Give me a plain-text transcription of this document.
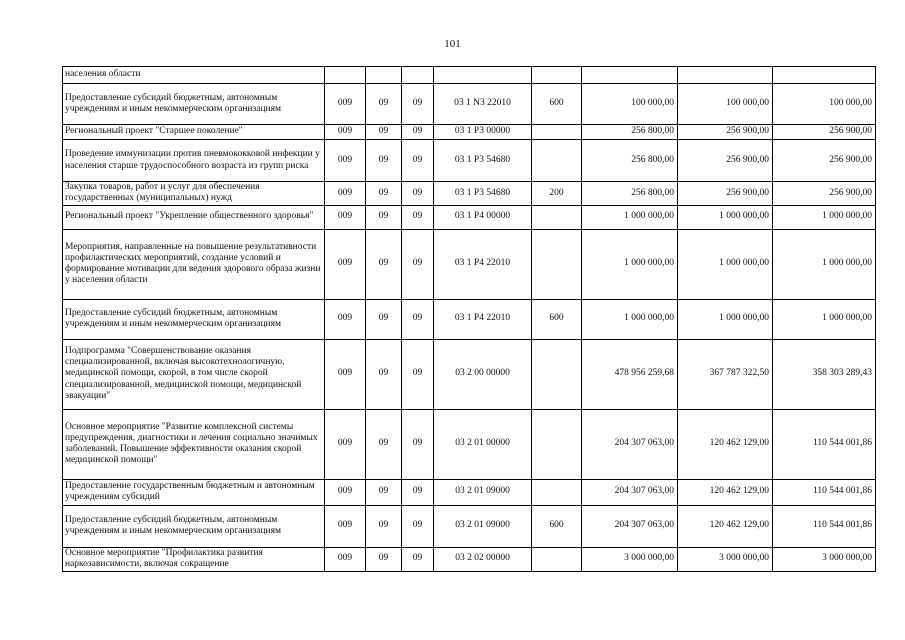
101
населения области								
Предоставление субсидий бюджетным, автономным учреждениям и иным некоммерческим организациям	009	09	09	03 1 N3 22010	600	100 000,00	100 000,00	100 000,00
Региональный проект "Старшее поколение"	009	09	09	03 1 P3 00000		256 800,00	256 900,00	256 900,00
Проведение иммунизации против пневмококковой инфекции у населения старше трудоспособного возраста из групп риска	009	09	09	03 1 P3 54680		256 800,00	256 900,00	256 900,00
Закупка товаров, работ и услуг для обеспечения государственных (муниципальных) нужд	009	09	09	03 1 P3 54680	200	256 800,00	256 900,00	256 900,00
Региональный проект "Укрепление общественного здоровья"	009	09	09	03 1 P4 00000		1 000 000,00	1 000 000,00	1 000 000,00
Мероприятия, направленные на повышение результативности профилактических мероприятий, создание условий и формирование мотивации для ведения здорового образа жизни у населения области	009	09	09	03 1 P4 22010		1 000 000,00	1 000 000,00	1 000 000,00
Предоставление субсидий бюджетным, автономным учреждениям и иным некоммерческим организациям	009	09	09	03 1 P4 22010	600	1 000 000,00	1 000 000,00	1 000 000,00
Подпрограмма "Совершенствование оказания специализированной, включая высокотехнологичную, медицинской помощи, скорой, в том числе скорой специализированной, медицинской помощи, медицинской эвакуации"	009	09	09	03 2 00 00000		478 956 259,68	367 787 322,50	358 303 289,43
Основное мероприятие "Развитие комплексной системы предупреждения, диагностики и лечения социально значимых заболеваний. Повышение эффективности оказания скорой медицинской помощи"	009	09	09	03 2 01 00000		204 307 063,00	120 462 129,00	110 544 001,86
Предоставление государственным бюджетным и автономным учреждениям субсидий	009	09	09	03 2 01 09000		204 307 063,00	120 462 129,00	110 544 001,86
Предоставление субсидий бюджетным, автономным учреждениям и иным некоммерческим организациям	009	09	09	03 2 01 09000	600	204 307 063,00	120 462 129,00	110 544 001,86
Основное мероприятие "Профилактика развития наркозависимости, включая сокращение	009	09	09	03 2 02 00000		3 000 000,00	3 000 000,00	3 000 000,00
